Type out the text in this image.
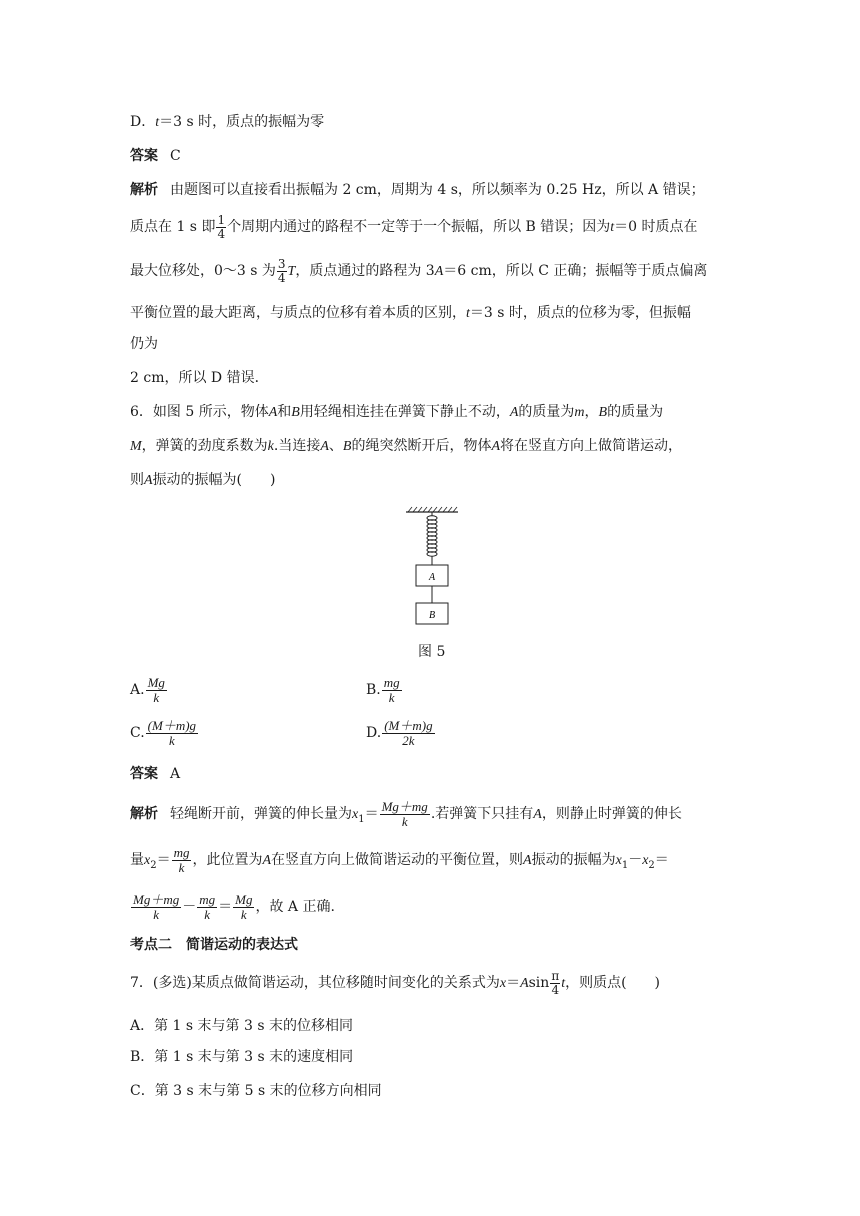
D．t＝3 s 时，质点的振幅为零
答案 C
解析 由题图可以直接看出振幅为 2 cm，周期为 4 s，所以频率为 0.25 Hz，所以 A 错误；
质点在 1 s 即 $\frac{1}{4}$ 个周期内通过的路程不一定等于一个振幅，所以 B 错误；因为t＝0 时质点在
最大位移处，0～3 s 为 $\frac{3}{4}$ T，质点通过的路程为 3A＝6 cm，所以 C 正确；振幅等于质点偏离
平衡位置的最大距离，与质点的位移有着本质的区别，t＝3 s 时，质点的位移为零，但振幅
仍为
2 cm，所以 D 错误．
6．如图 5 所示，物体A和B用轻绳相连挂在弹簧下静止不动，A的质量为m，B的质量为
M，弹簧的劲度系数为k.当连接A、B的绳突然断开后，物体A将在竖直方向上做简谐运动，
则A振动的振幅为(　　)
A
B
图 5
A. $\frac{Mg}{k}$	B. $\frac{mg}{k}$
C. $\frac{(M+m)g}{k}$	D. $\frac{(M+m)g}{2k}$
答案 A
解析 轻绳断开前，弹簧的伸长量为$x_1= \frac{Mg+mg}{k}$ .若弹簧下只挂有A，则静止时弹簧的伸长
量$x_2= \frac{mg}{k}$ ，此位置为A在竖直方向上做简谐运动的平衡位置，则A振动的振幅为$x_1-x_2=$
$\frac{Mg+mg}{k} - \frac{mg}{k} = \frac{Mg}{k}$ ，故 A 正确.
考点二　简谐运动的表达式
7．(多选)某质点做简谐运动，其位移随时间变化的关系式为$x=Asin \frac{\pi}{4}$ t，则质点(　　)
A．第 1 s 末与第 3 s 末的位移相同
B．第 1 s 末与第 3 s 末的速度相同
C．第 3 s 末与第 5 s 末的位移方向相同
